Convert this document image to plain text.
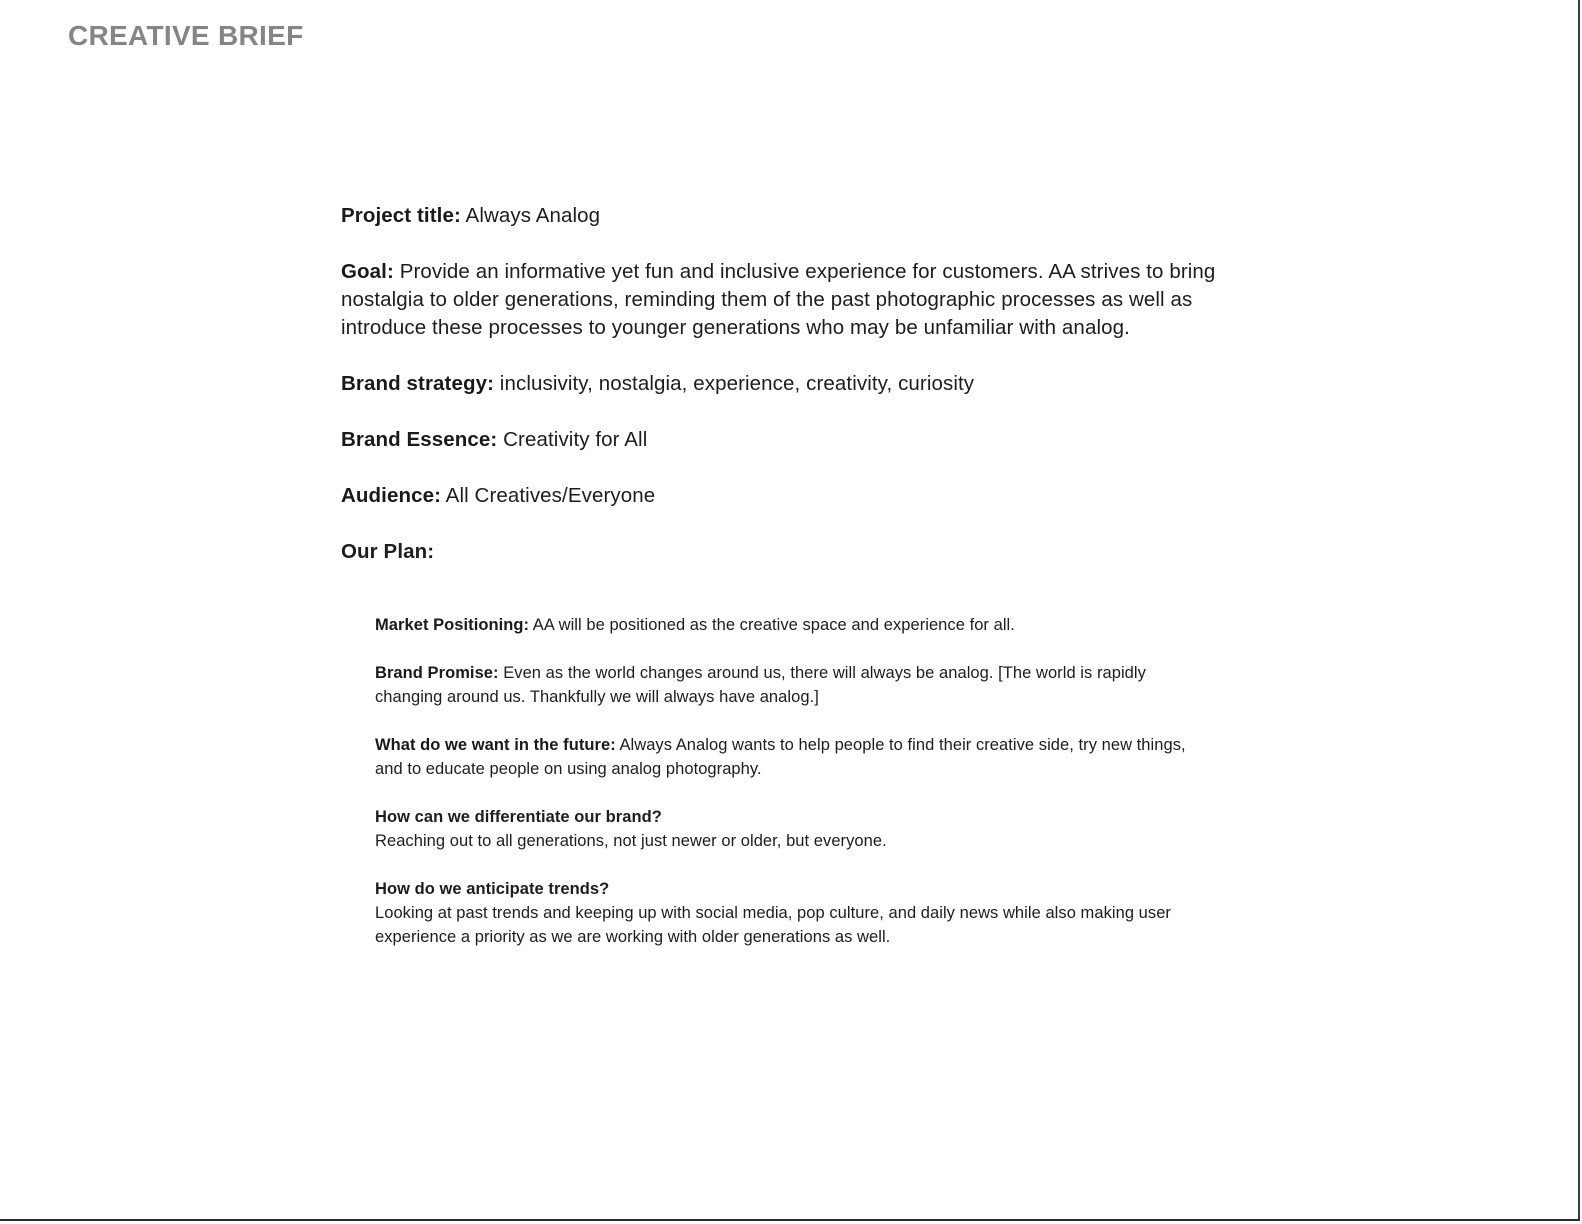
CREATIVE BRIEF

Project title: Always Analog

Goal: Provide an informative yet fun and inclusive experience for customers. AA strives to bring nostalgia to older generations, reminding them of the past photographic processes as well as introduce these processes to younger generations who may be unfamiliar with analog.

Brand strategy: inclusivity, nostalgia, experience, creativity, curiosity

Brand Essence: Creativity for All

Audience: All Creatives/Everyone

Our Plan:

Market Positioning: AA will be positioned as the creative space and experience for all.

Brand Promise: Even as the world changes around us, there will always be analog. [The world is rapidly changing around us. Thankfully we will always have analog.]

What do we want in the future: Always Analog wants to help people to find their creative side, try new things, and to educate people on using analog photography.

How can we differentiate our brand?
Reaching out to all generations, not just newer or older, but everyone.

How do we anticipate trends?
Looking at past trends and keeping up with social media, pop culture, and daily news while also making user experience a priority as we are working with older generations as well.
